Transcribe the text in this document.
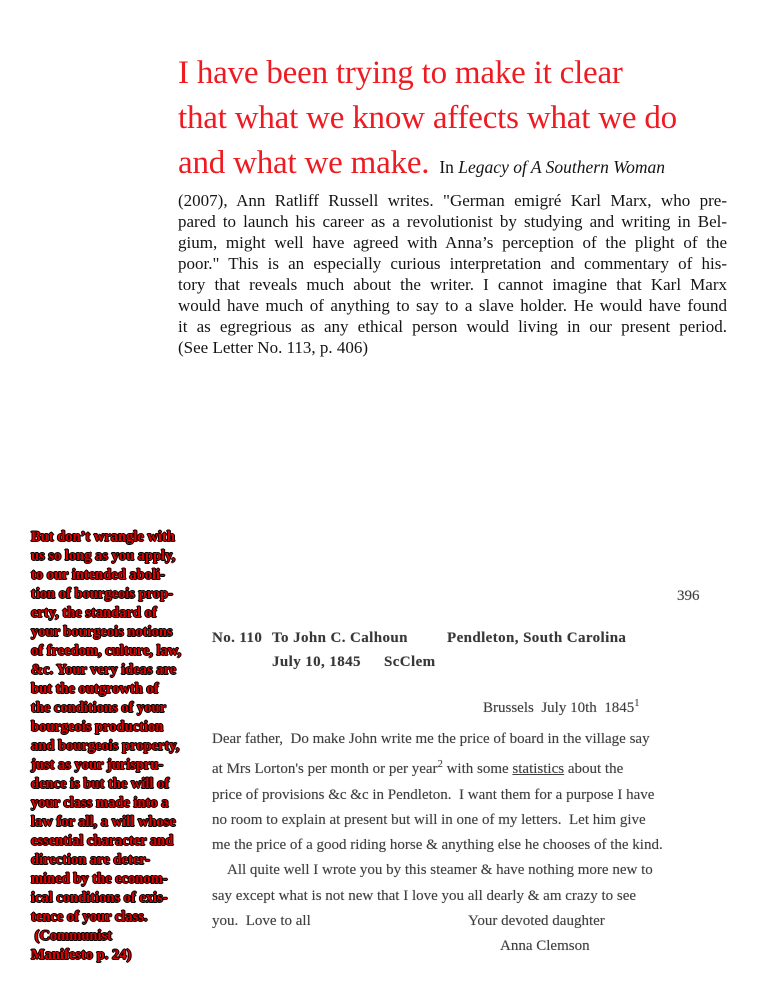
I have been trying to make it clear
that what we know affects what we do
and what we make. In Legacy of A Southern Woman
(2007), Ann Ratliff Russell writes. "German emigré Karl Marx, who pre-
pared to launch his career as a revolutionist by studying and writing in Bel-
gium, might well have agreed with Anna’s perception of the plight of the
poor." This is an especially curious interpretation and commentary of his-
tory that reveals much about the writer. I cannot imagine that Karl Marx
would have much of anything to say to a slave holder. He would have found
it as egregrious as any ethical person would living in our present period.
(See Letter No. 113, p. 406)
But don’t wrangle with
us so long as you apply,
to our intended aboli-
tion of bourgeois prop-
erty, the standard of
your bourgeois notions
of freedom, culture, law,
&c. Your very ideas are
but the outgrowth of
the conditions of your
bourgeois production
and bourgeois property,
just as your jurispru-
dence is but the will of
your class made into a
law for all, a will whose
essential character and
direction are deter-
mined by the econom-
ical conditions of exis-
tence of your class.
(Communist
Manifesto p. 24)
396
No. 110 To John C. Calhoun	Pendleton, South Carolina
July 10, 1845 ScClem
Brussels  July 10th  1845$^1$
Dear father,  Do make John write me the price of board in the village say
at Mrs Lorton's per month or per year$^2$ with some statistics about the
price of provisions &c &c in Pendleton.  I want them for a purpose I have
no room to explain at present but will in one of my letters.  Let him give
me the price of a good riding horse & anything else he chooses of the kind.
All quite well I wrote you by this steamer & have nothing more new to
say except what is not new that I love you all dearly & am crazy to see
you.  Love to all	Your devoted daughter
Anna Clemson
